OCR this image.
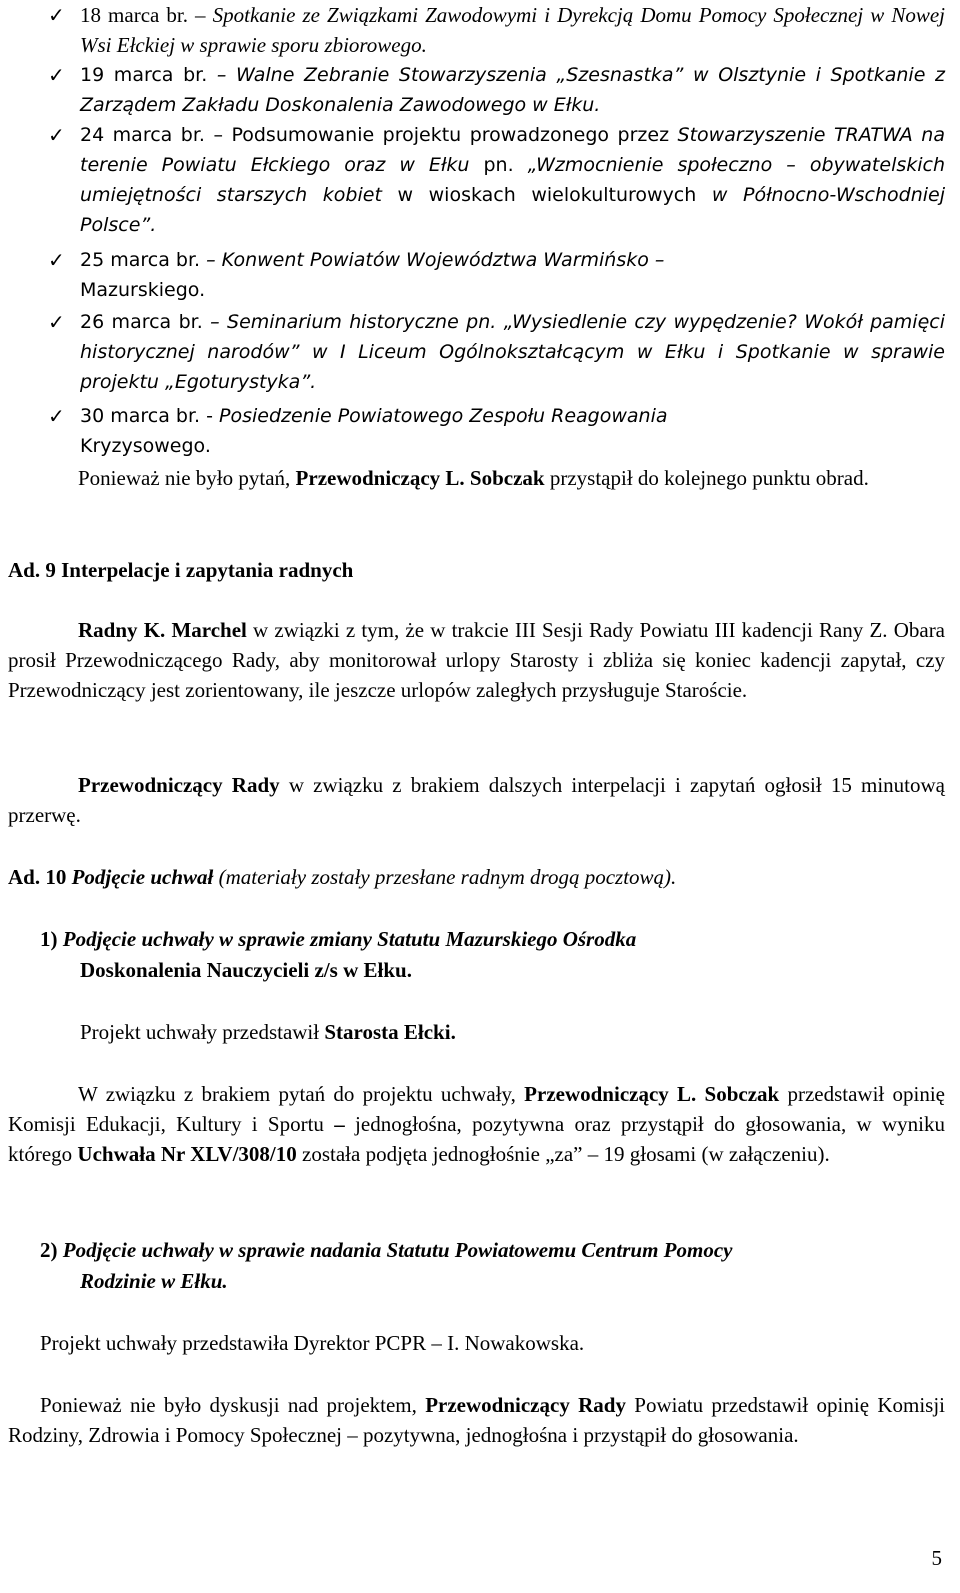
✓ 18 marca br. – Spotkanie ze Związkami Zawodowymi i Dyrekcją Domu Pomocy Społecznej w Nowej Wsi Ełckiej w sprawie sporu zbiorowego.
✓ 19 marca br. – Walne Zebranie Stowarzyszenia „Szesnastka” w Olsztynie i Spotkanie z Zarządem Zakładu Doskonalenia Zawodowego w Ełku.
✓ 24 marca br. – Podsumowanie projektu prowadzonego przez Stowarzyszenie TRATWA na terenie Powiatu Ełckiego oraz w Ełku pn. „Wzmocnienie społeczno – obywatelskich umiejętności starszych kobiet w wioskach wielokulturowych w Północno-Wschodniej Polsce”.
✓ 25 marca br. – Konwent Powiatów Województwa Warmińsko –
Mazurskiego.
✓ 26 marca br. – Seminarium historyczne pn. „Wysiedlenie czy wypędzenie? Wokół pamięci historycznej narodów” w I Liceum Ogólnokształcącym w Ełku i Spotkanie w sprawie projektu „Egoturystyka”.
✓ 30 marca br. - Posiedzenie Powiatowego Zespołu Reagowania
Kryzysowego.
Ponieważ nie było pytań, Przewodniczący L. Sobczak przystąpił do kolejnego punktu obrad.
Ad. 9 Interpelacje i zapytania radnych
Radny K. Marchel w związki z tym, że w trakcie III Sesji Rady Powiatu III kadencji Rany Z. Obara prosił Przewodniczącego Rady, aby monitorował urlopy Starosty i zbliża się koniec kadencji zapytał, czy Przewodniczący jest zorientowany, ile jeszcze urlopów zaległych przysługuje Staroście.
Przewodniczący Rady w związku z brakiem dalszych interpelacji i zapytań ogłosił 15 minutową przerwę.
Ad. 10 Podjęcie uchwał (materiały zostały przesłane radnym drogą pocztową).
1) Podjęcie uchwały w sprawie zmiany Statutu Mazurskiego Ośrodka
Doskonalenia Nauczycieli z/s w Ełku.
Projekt uchwały przedstawił Starosta Ełcki.
W związku z brakiem pytań do projektu uchwały, Przewodniczący L. Sobczak przedstawił opinię Komisji Edukacji, Kultury i Sportu – jednogłośna, pozytywna oraz przystąpił do głosowania, w wyniku którego Uchwała Nr XLV/308/10 została podjęta jednogłośnie „za” – 19 głosami (w załączeniu).
2) Podjęcie uchwały w sprawie nadania Statutu Powiatowemu Centrum Pomocy
Rodzinie w Ełku.
Projekt uchwały przedstawiła Dyrektor PCPR – I. Nowakowska.
Ponieważ nie było dyskusji nad projektem, Przewodniczący Rady Powiatu przedstawił opinię Komisji Rodziny, Zdrowia i Pomocy Społecznej – pozytywna, jednogłośna i przystąpił do głosowania.
5
